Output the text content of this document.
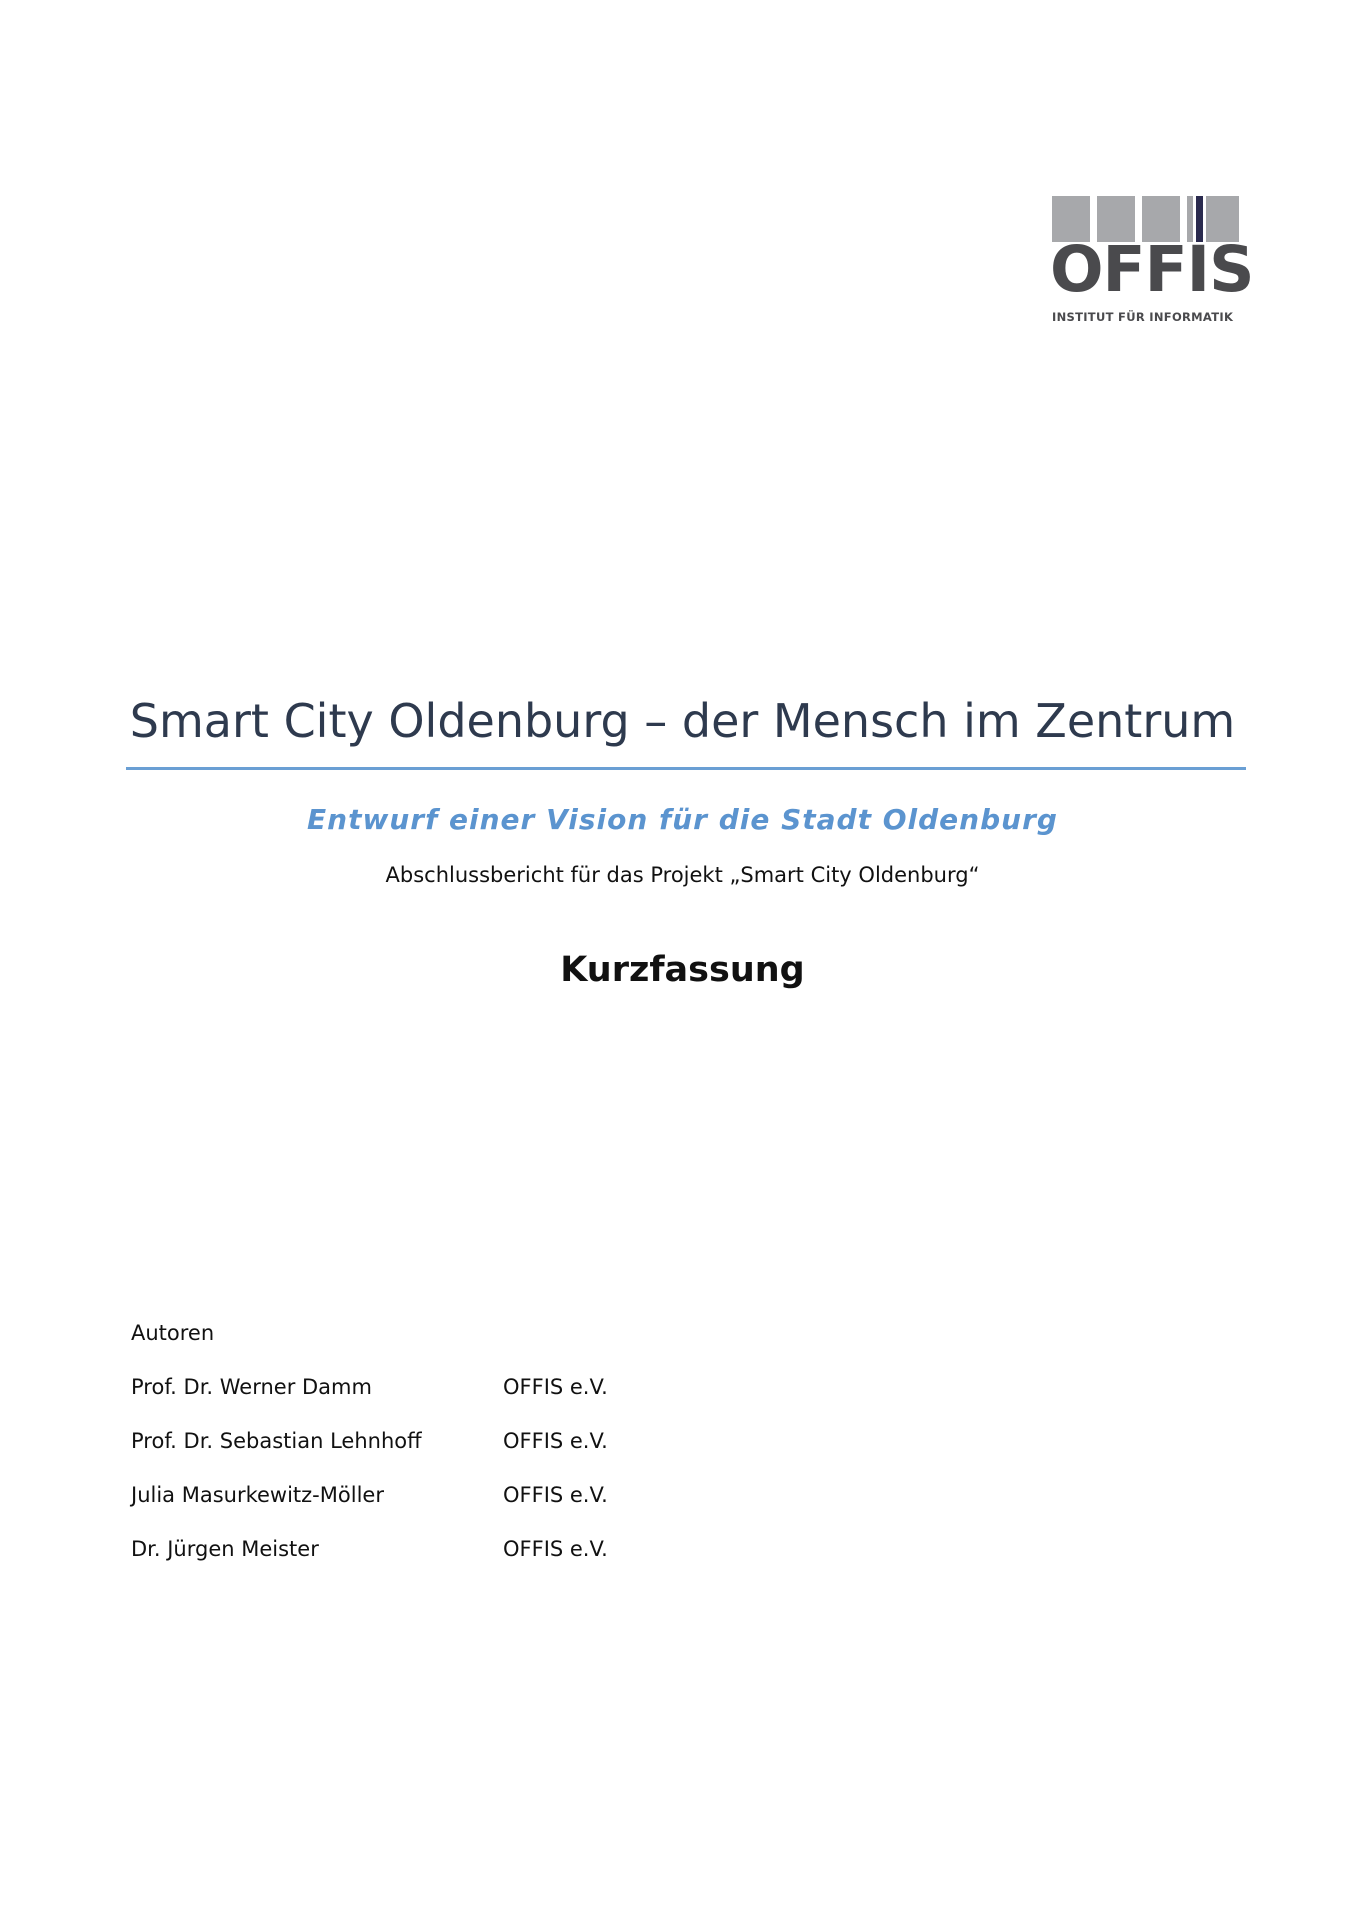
OFFIS
INSTITUT FÜR INFORMATIK
Smart City Oldenburg – der Mensch im Zentrum
Entwurf einer Vision für die Stadt Oldenburg
Abschlussbericht für das Projekt „Smart City Oldenburg“
Kurzfassung
Autoren
Prof. Dr. Werner Damm	OFFIS e.V.
Prof. Dr. Sebastian Lehnhoff	OFFIS e.V.
Julia Masurkewitz-Möller	OFFIS e.V.
Dr. Jürgen Meister	OFFIS e.V.
